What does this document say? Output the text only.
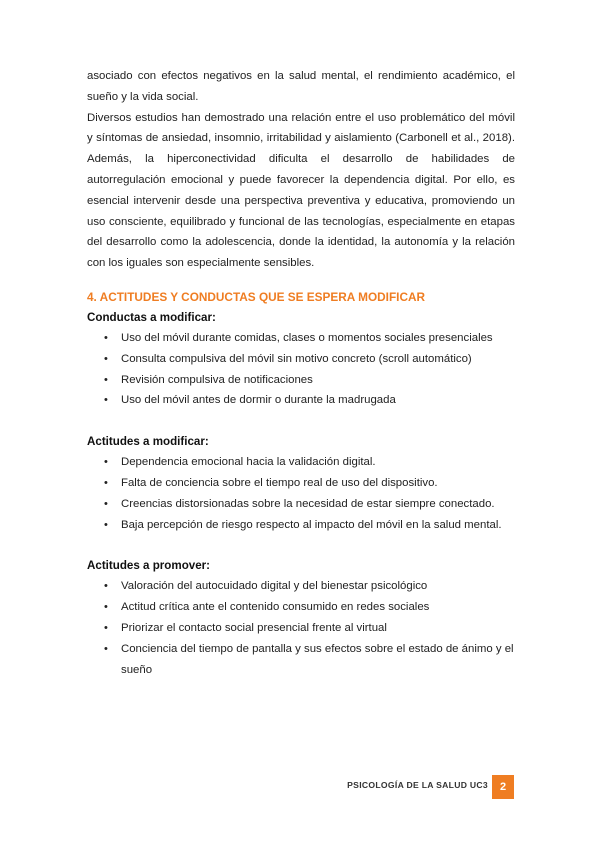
asociado con efectos negativos en la salud mental, el rendimiento académico, el sueño y la vida social.

Diversos estudios han demostrado una relación entre el uso problemático del móvil y síntomas de ansiedad, insomnio, irritabilidad y aislamiento (Carbonell et al., 2018). Además, la hiperconectividad dificulta el desarrollo de habilidades de autorregulación emocional y puede favorecer la dependencia digital. Por ello, es esencial intervenir desde una perspectiva preventiva y educativa, promoviendo un uso consciente, equilibrado y funcional de las tecnologías, especialmente en etapas del desarrollo como la adolescencia, donde la identidad, la autonomía y la relación con los iguales son especialmente sensibles.

4. ACTITUDES Y CONDUCTAS QUE SE ESPERA MODIFICAR
Conductas a modificar:
• Uso del móvil durante comidas, clases o momentos sociales presenciales
• Consulta compulsiva del móvil sin motivo concreto (scroll automático)
• Revisión compulsiva de notificaciones
• Uso del móvil antes de dormir o durante la madrugada
Actitudes a modificar:
• Dependencia emocional hacia la validación digital.
• Falta de conciencia sobre el tiempo real de uso del dispositivo.
• Creencias distorsionadas sobre la necesidad de estar siempre conectado.
• Baja percepción de riesgo respecto al impacto del móvil en la salud mental.
Actitudes a promover:
• Valoración del autocuidado digital y del bienestar psicológico
• Actitud crítica ante el contenido consumido en redes sociales
• Priorizar el contacto social presencial frente al virtual
• Conciencia del tiempo de pantalla y sus efectos sobre el estado de ánimo y el sueño
PSICOLOGÍA DE LA SALUD UC3	2
